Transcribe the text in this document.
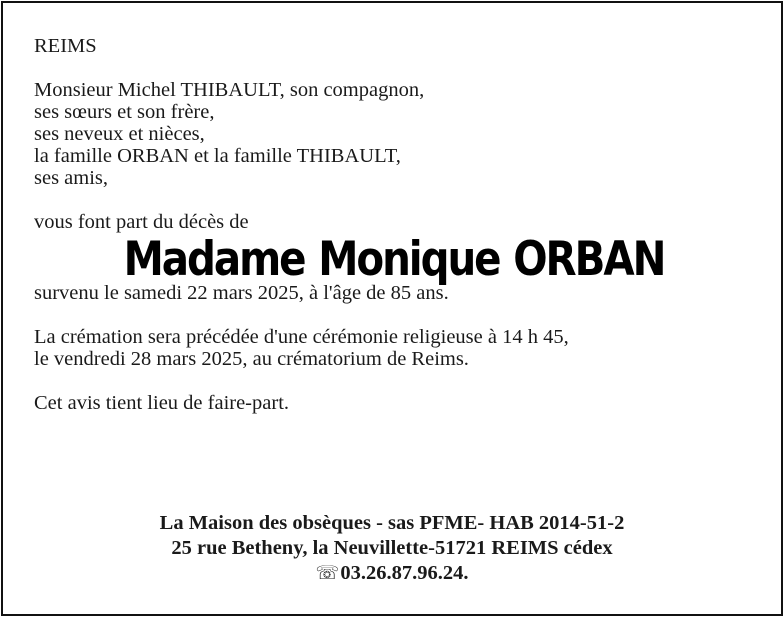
REIMS
Monsieur Michel THIBAULT, son compagnon,
ses sœurs et son frère,
ses neveux et nièces,
la famille ORBAN et la famille THIBAULT,
ses amis,
vous font part du décès de
Madame Monique ORBAN
survenu le samedi 22 mars 2025, à l'âge de 85 ans.
La crémation sera précédée d'une cérémonie religieuse à 14 h 45,
le vendredi 28 mars 2025, au crématorium de Reims.
Cet avis tient lieu de faire-part.
La Maison des obsèques - sas PFME- HAB 2014-51-2
25 rue Betheny, la Neuvillette-51721 REIMS cédex
☏03.26.87.96.24.
